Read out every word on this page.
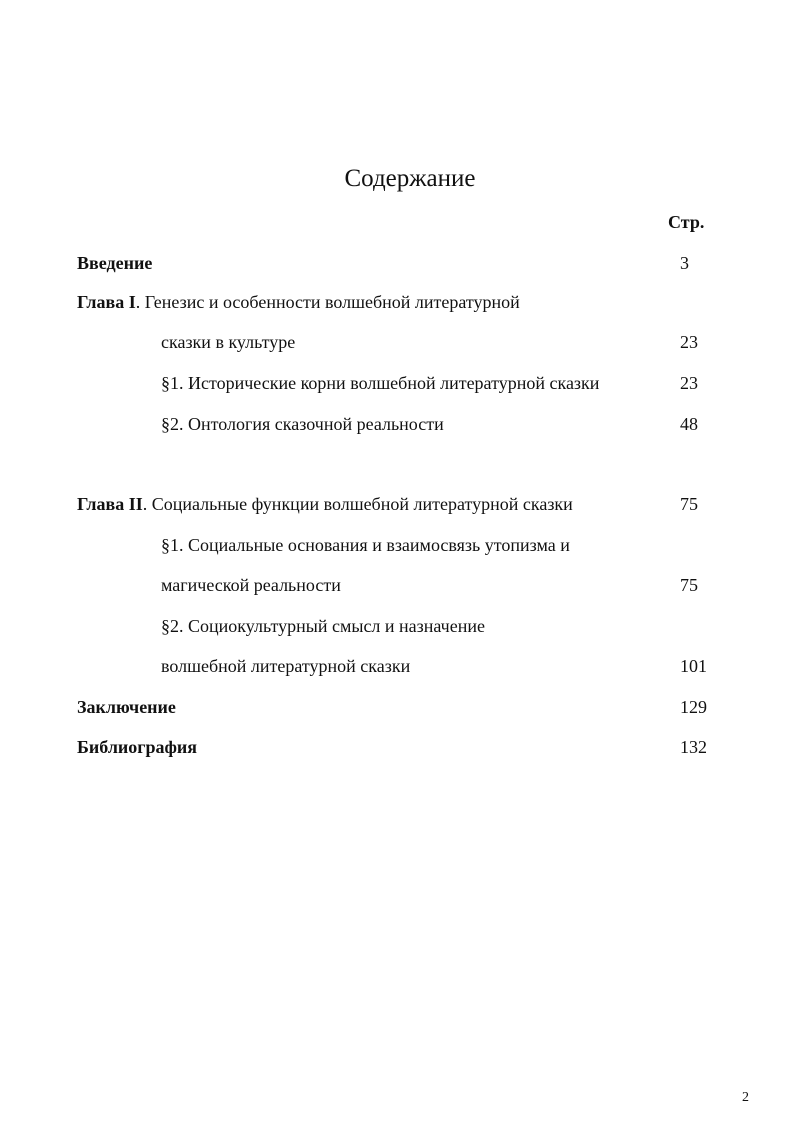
Содержание
Стр.
Введение	3
Глава I. Генезис и особенности волшебной литературной
сказки в культуре	23
§1. Исторические корни волшебной литературной сказки	23
§2. Онтология сказочной реальности	48
Глава II. Социальные функции волшебной литературной сказки	75
§1. Социальные основания и взаимосвязь утопизма и
магической реальности	75
§2. Социокультурный смысл и назначение
волшебной литературной сказки	101
Заключение	129
Библиография	132
2
